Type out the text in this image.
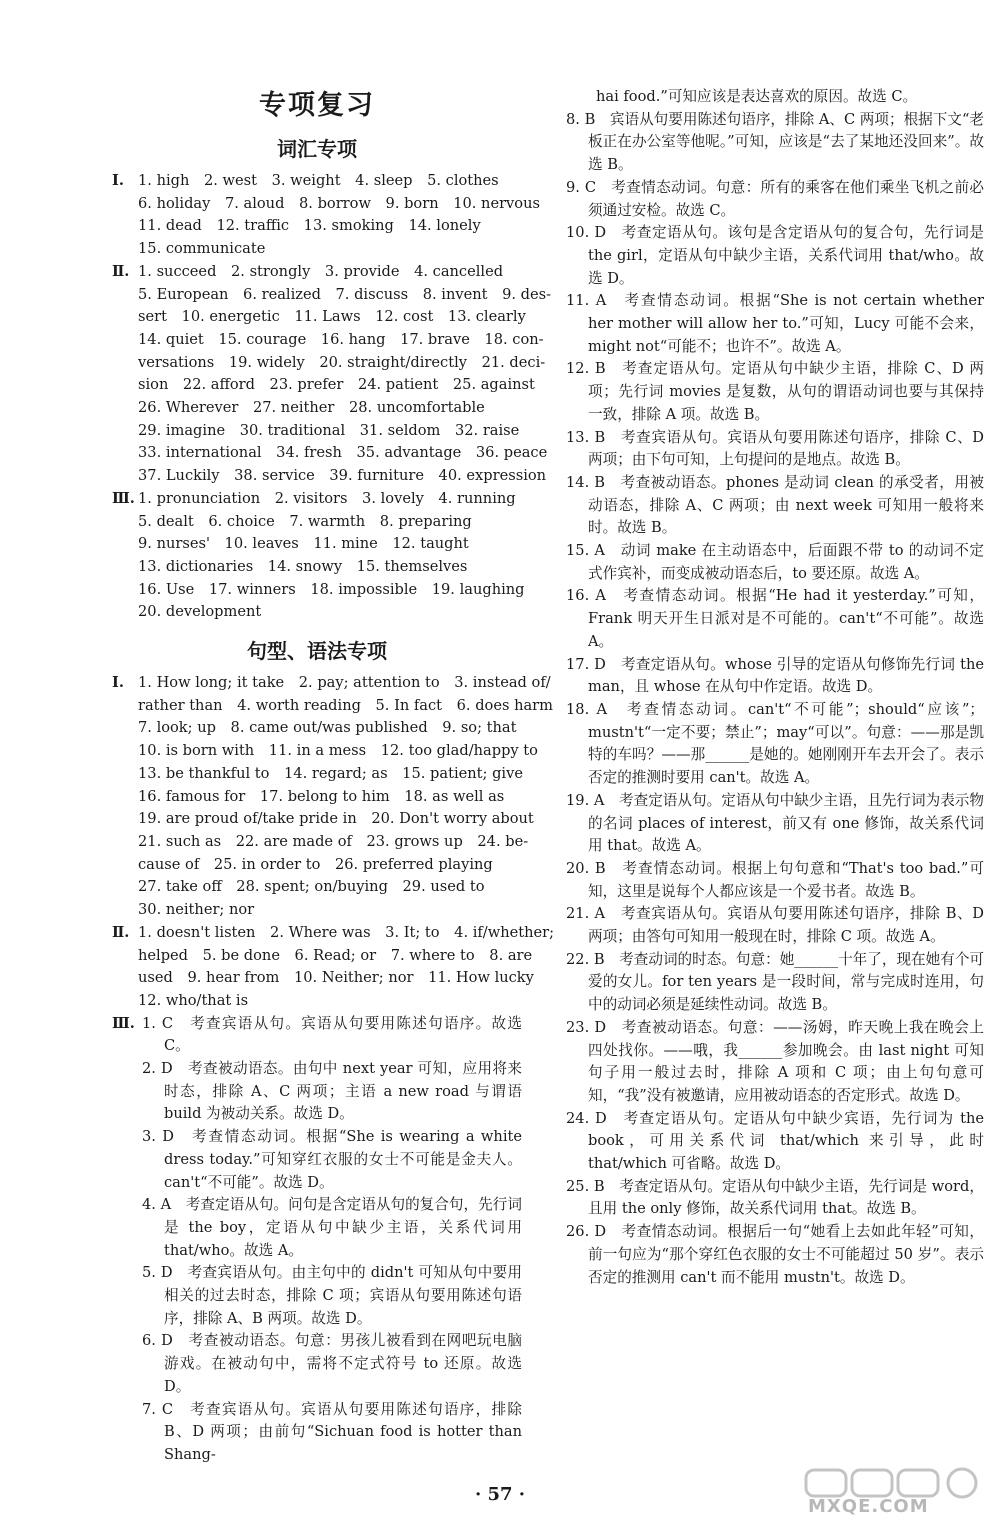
专项复习
词汇专项
Ⅰ. 1. high　2. west　3. weight　4. sleep　5. clothes
6. holiday　7. aloud　8. borrow　9. born　10. nervous
11. dead　12. traffic　13. smoking　14. lonely
15. communicate
Ⅱ. 1. succeed　2. strongly　3. provide　4. cancelled
5. European　6. realized　7. discuss　8. invent　9. des-
sert　10. energetic　11. Laws　12. cost　13. clearly
14. quiet　15. courage　16. hang　17. brave　18. con-
versations　19. widely　20. straight/directly　21. deci-
sion　22. afford　23. prefer　24. patient　25. against
26. Wherever　27. neither　28. uncomfortable
29. imagine　30. traditional　31. seldom　32. raise
33. international　34. fresh　35. advantage　36. peace
37. Luckily　38. service　39. furniture　40. expression
Ⅲ. 1. pronunciation　2. visitors　3. lovely　4. running
5. dealt　6. choice　7. warmth　8. preparing
9. nurses'　10. leaves　11. mine　12. taught
13. dictionaries　14. snowy　15. themselves
16. Use　17. winners　18. impossible　19. laughing
20. development
句型、语法专项
Ⅰ. 1. How long; it take　2. pay; attention to　3. instead of/
rather than　4. worth reading　5. In fact　6. does harm
7. look; up　8. came out/was published　9. so; that
10. is born with　11. in a mess　12. too glad/happy to
13. be thankful to　14. regard; as　15. patient; give
16. famous for　17. belong to him　18. as well as
19. are proud of/take pride in　20. Don't worry about
21. such as　22. are made of　23. grows up　24. be-
cause of　25. in order to　26. preferred playing
27. take off　28. spent; on/buying　29. used to
30. neither; nor
Ⅱ. 1. doesn't listen　2. Where was　3. It; to　4. if/whether;
helped　5. be done　6. Read; or　7. where to　8. are
used　9. hear from　10. Neither; nor　11. How lucky
12. who/that is
Ⅲ. 1. C　考查宾语从句。宾语从句要用陈述句语序。故选 C。
2. D　考查被动语态。由句中 next year 可知，应用将来时态，排除 A、C 两项；主语 a new road 与谓语 build 为被动关系。故选 D。
3. D　考查情态动词。根据“She is wearing a white dress today.”可知穿红衣服的女士不可能是金夫人。can't“不可能”。故选 D。
4. A　考查定语从句。问句是含定语从句的复合句，先行词是 the boy，定语从句中缺少主语，关系代词用 that/who。故选 A。
5. D　考查宾语从句。由主句中的 didn't 可知从句中要用相关的过去时态，排除 C 项；宾语从句要用陈述句语序，排除 A、B 两项。故选 D。
6. D　考查被动语态。句意：男孩儿被看到在网吧玩电脑游戏。在被动句中，需将不定式符号 to 还原。故选 D。
7. C　考查宾语从句。宾语从句要用陈述句语序，排除 B、D 两项；由前句“Sichuan food is hotter than Shang-
hai food.”可知应该是表达喜欢的原因。故选 C。
8. B　宾语从句要用陈述句语序，排除 A、C 两项；根据下文“老板正在办公室等他呢。”可知，应该是“去了某地还没回来”。故选 B。
9. C　考查情态动词。句意：所有的乘客在他们乘坐飞机之前必须通过安检。故选 C。
10. D　考查定语从句。该句是含定语从句的复合句，先行词是 the girl，定语从句中缺少主语，关系代词用 that/who。故选 D。
11. A　考查情态动词。根据“She is not certain whether her mother will allow her to.”可知，Lucy 可能不会来，might not“可能不；也许不”。故选 A。
12. B　考查定语从句。定语从句中缺少主语，排除 C、D 两项；先行词 movies 是复数，从句的谓语动词也要与其保持一致，排除 A 项。故选 B。
13. B　考查宾语从句。宾语从句要用陈述句语序，排除 C、D 两项；由下句可知，上句提问的是地点。故选 B。
14. B　考查被动语态。phones 是动词 clean 的承受者，用被动语态，排除 A、C 两项；由 next week 可知用一般将来时。故选 B。
15. A　动词 make 在主动语态中，后面跟不带 to 的动词不定式作宾补，而变成被动语态后，to 要还原。故选 A。
16. A　考查情态动词。根据“He had it yesterday.”可知，Frank 明天开生日派对是不可能的。can't“不可能”。故选 A。
17. D　考查定语从句。whose 引导的定语从句修饰先行词 the man，且 whose 在从句中作定语。故选 D。
18. A　考查情态动词。can't“不可能”；should“应该”；mustn't“一定不要；禁止”；may“可以”。句意：——那是凯特的车吗？——那______是她的。她刚刚开车去开会了。表示否定的推测时要用 can't。故选 A。
19. A　考查定语从句。定语从句中缺少主语，且先行词为表示物的名词 places of interest，前又有 one 修饰，故关系代词用 that。故选 A。
20. B　考查情态动词。根据上句句意和“That's too bad.”可知，这里是说每个人都应该是一个爱书者。故选 B。
21. A　考查宾语从句。宾语从句要用陈述句语序，排除 B、D 两项；由答句可知用一般现在时，排除 C 项。故选 A。
22. B　考查动词的时态。句意：她______十年了，现在她有个可爱的女儿。for ten years 是一段时间，常与完成时连用，句中的动词必须是延续性动词。故选 B。
23. D　考查被动语态。句意：——汤姆，昨天晚上我在晚会上四处找你。——哦，我______参加晚会。由 last night 可知句子用一般过去时，排除 A 项和 C 项；由上句句意可知，“我”没有被邀请，应用被动语态的否定形式。故选 D。
24. D　考查定语从句。定语从句中缺少宾语，先行词为 the book，可用关系代词 that/which 来引导，此时 that/which 可省略。故选 D。
25. B　考查定语从句。定语从句中缺少主语，先行词是 word，且用 the only 修饰，故关系代词用 that。故选 B。
26. D　考查情态动词。根据后一句“她看上去如此年轻”可知，前一句应为“那个穿红色衣服的女士不可能超过 50 岁”。表示否定的推测用 can't 而不能用 mustn't。故选 D。
· 57 ·
MXQE.COM
